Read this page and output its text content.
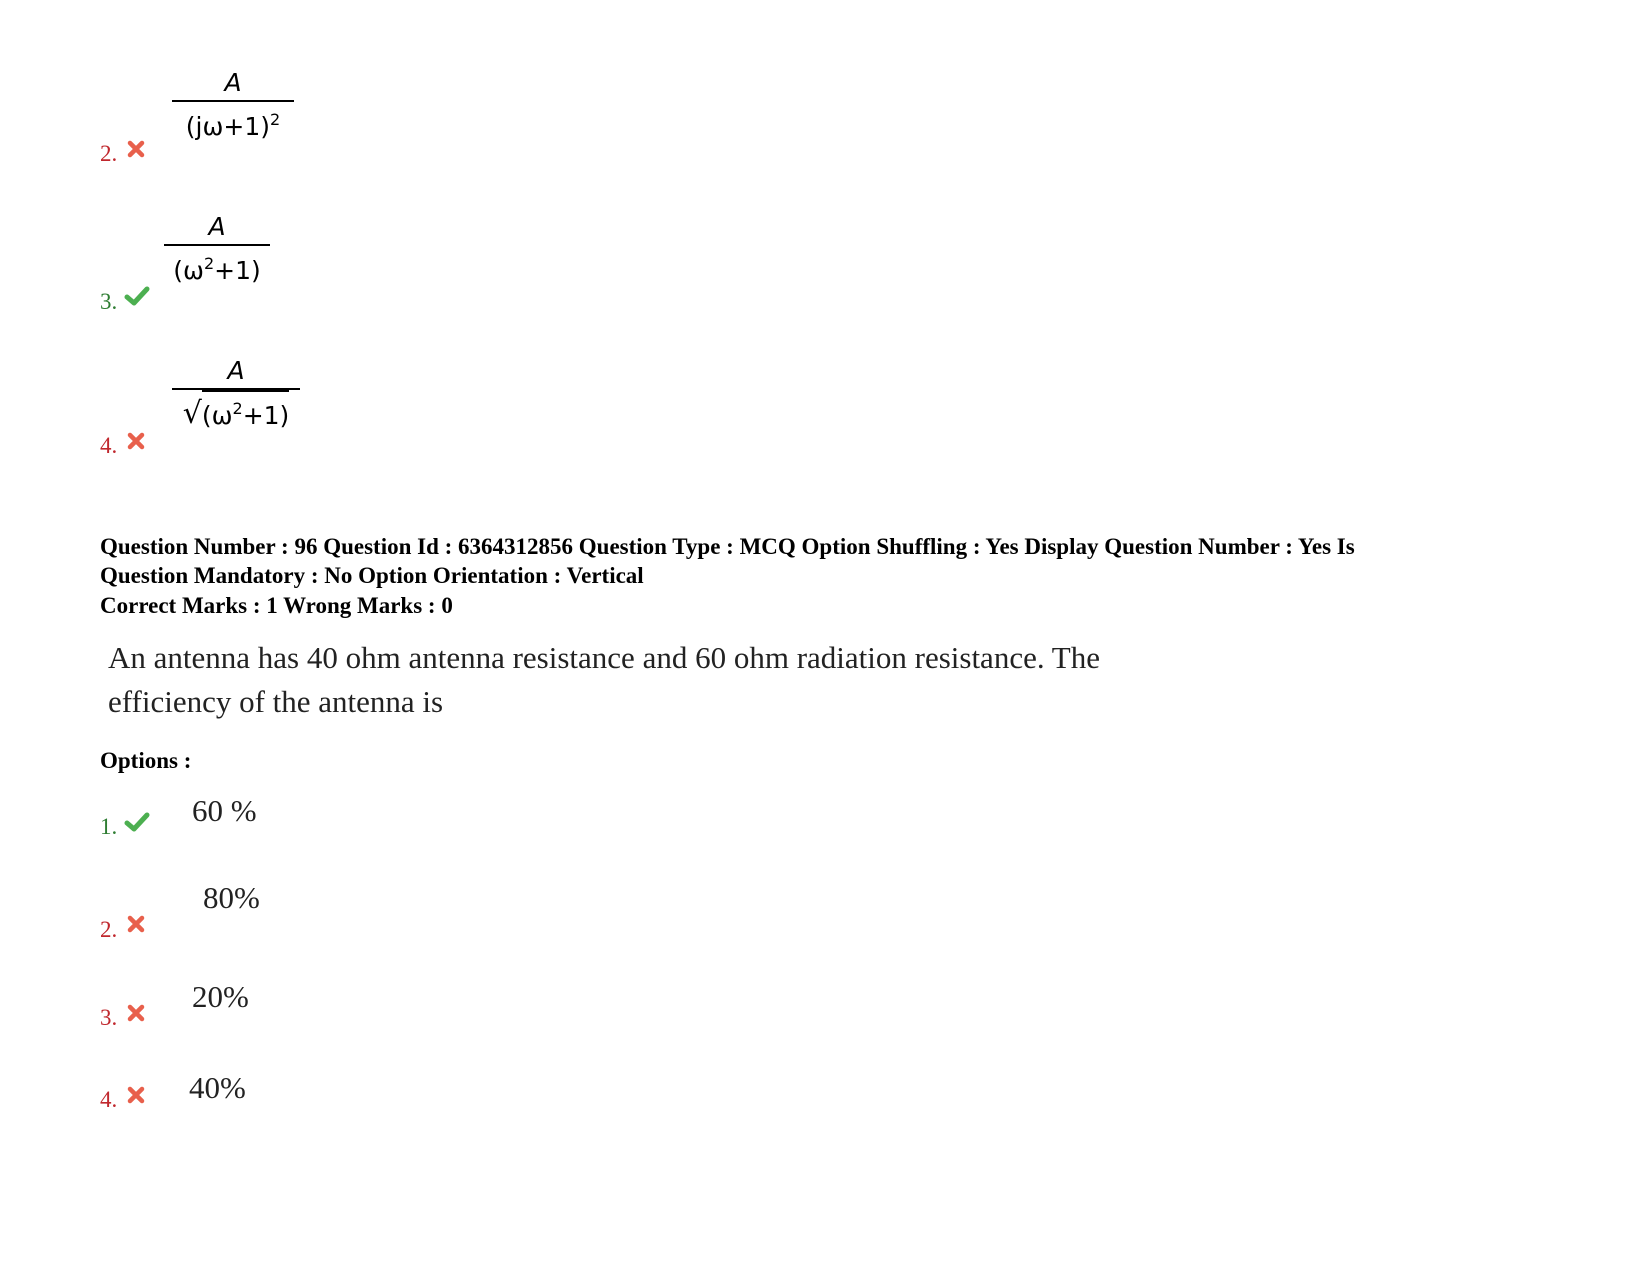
2.
A
$(j\omega+1)^2$
3.
A
$(\omega^2+1)$
4.
A
√ $(\omega^2+1)$
Question Number : 96 Question Id : 6364312856 Question Type : MCQ Option Shuffling : Yes Display Question Number : Yes Is
Question Mandatory : No Option Orientation : Vertical
Correct Marks : 1 Wrong Marks : 0
An antenna has 40 ohm antenna resistance and 60 ohm radiation resistance. The
efficiency of the antenna is
Options :
1. 60 %
2.
80%
3.
20%
4. 40%
